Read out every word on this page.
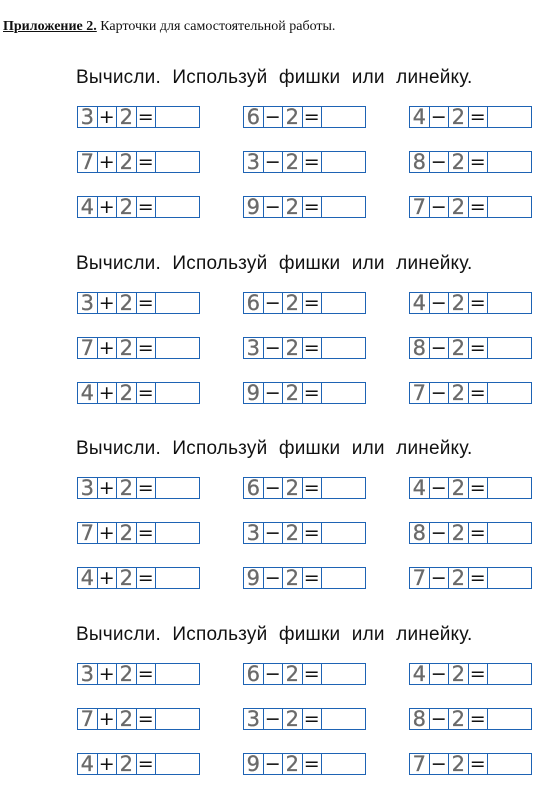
Приложение 2. Карточки для самостоятельной работы.
Вычисли. Используй фишки или линейку.
3 + 2 =	6 − 2 =	4 − 2 =
7 + 2 =	3 − 2 =	8 − 2 =
4 + 2 =	9 − 2 =	7 − 2 =
Вычисли. Используй фишки или линейку.
3 + 2 =	6 − 2 =	4 − 2 =
7 + 2 =	3 − 2 =	8 − 2 =
4 + 2 =	9 − 2 =	7 − 2 =
Вычисли. Используй фишки или линейку.
3 + 2 =	6 − 2 =	4 − 2 =
7 + 2 =	3 − 2 =	8 − 2 =
4 + 2 =	9 − 2 =	7 − 2 =
Вычисли. Используй фишки или линейку.
3 + 2 =	6 − 2 =	4 − 2 =
7 + 2 =	3 − 2 =	8 − 2 =
4 + 2 =	9 − 2 =	7 − 2 =
